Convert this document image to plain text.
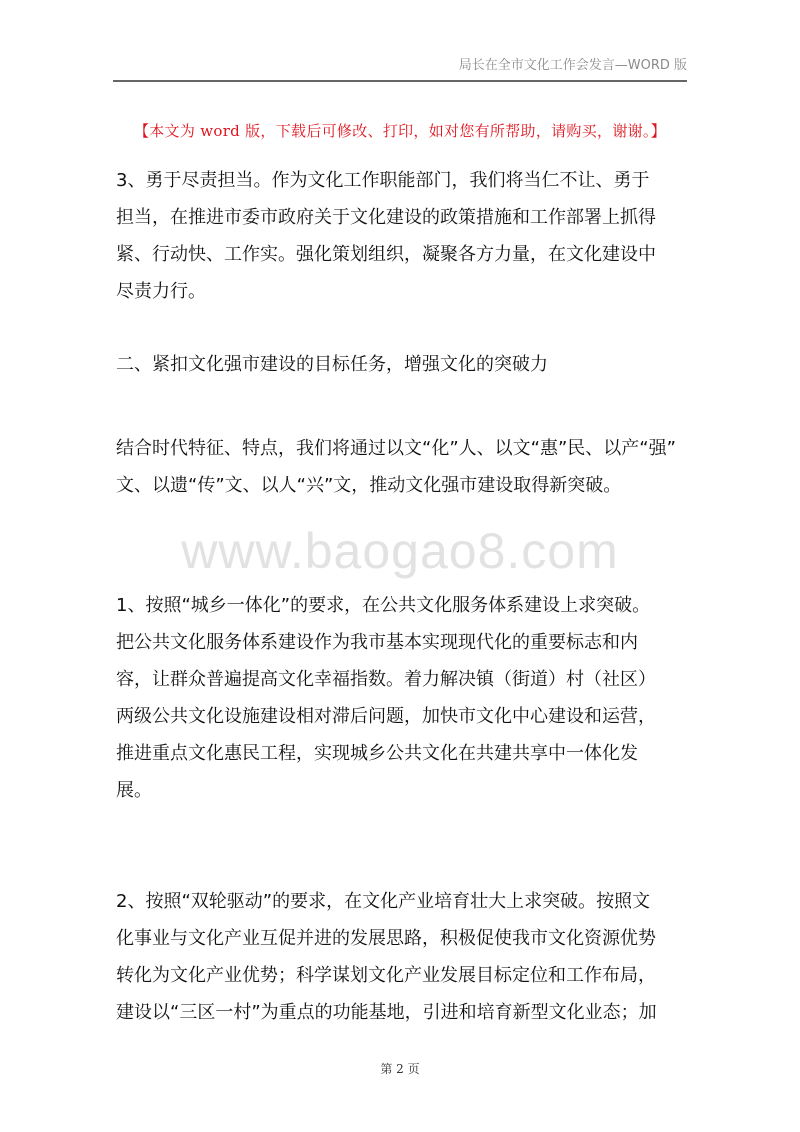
局长在全市文化工作会发言—WORD 版
【本文为 word 版，下载后可修改、打印，如对您有所帮助，请购买，谢谢。】
3、勇于尽责担当。作为文化工作职能部门，我们将当仁不让、勇于
担当，在推进市委市政府关于文化建设的政策措施和工作部署上抓得
紧、行动快、工作实。强化策划组织，凝聚各方力量，在文化建设中
尽责力行。
二、紧扣文化强市建设的目标任务，增强文化的突破力
结合时代特征、特点，我们将通过以文“化”人、以文“惠”民、以产“强”
文、以遗“传”文、以人“兴”文，推动文化强市建设取得新突破。
www.baogao8.com
1、按照“城乡一体化”的要求，在公共文化服务体系建设上求突破。
把公共文化服务体系建设作为我市基本实现现代化的重要标志和内
容，让群众普遍提高文化幸福指数。着力解决镇（街道）村（社区）
两级公共文化设施建设相对滞后问题，加快市文化中心建设和运营，
推进重点文化惠民工程，实现城乡公共文化在共建共享中一体化发
展。
2、按照“双轮驱动”的要求，在文化产业培育壮大上求突破。按照文
化事业与文化产业互促并进的发展思路，积极促使我市文化资源优势
转化为文化产业优势；科学谋划文化产业发展目标定位和工作布局，
建设以“三区一村”为重点的功能基地，引进和培育新型文化业态；加
第 2 页
